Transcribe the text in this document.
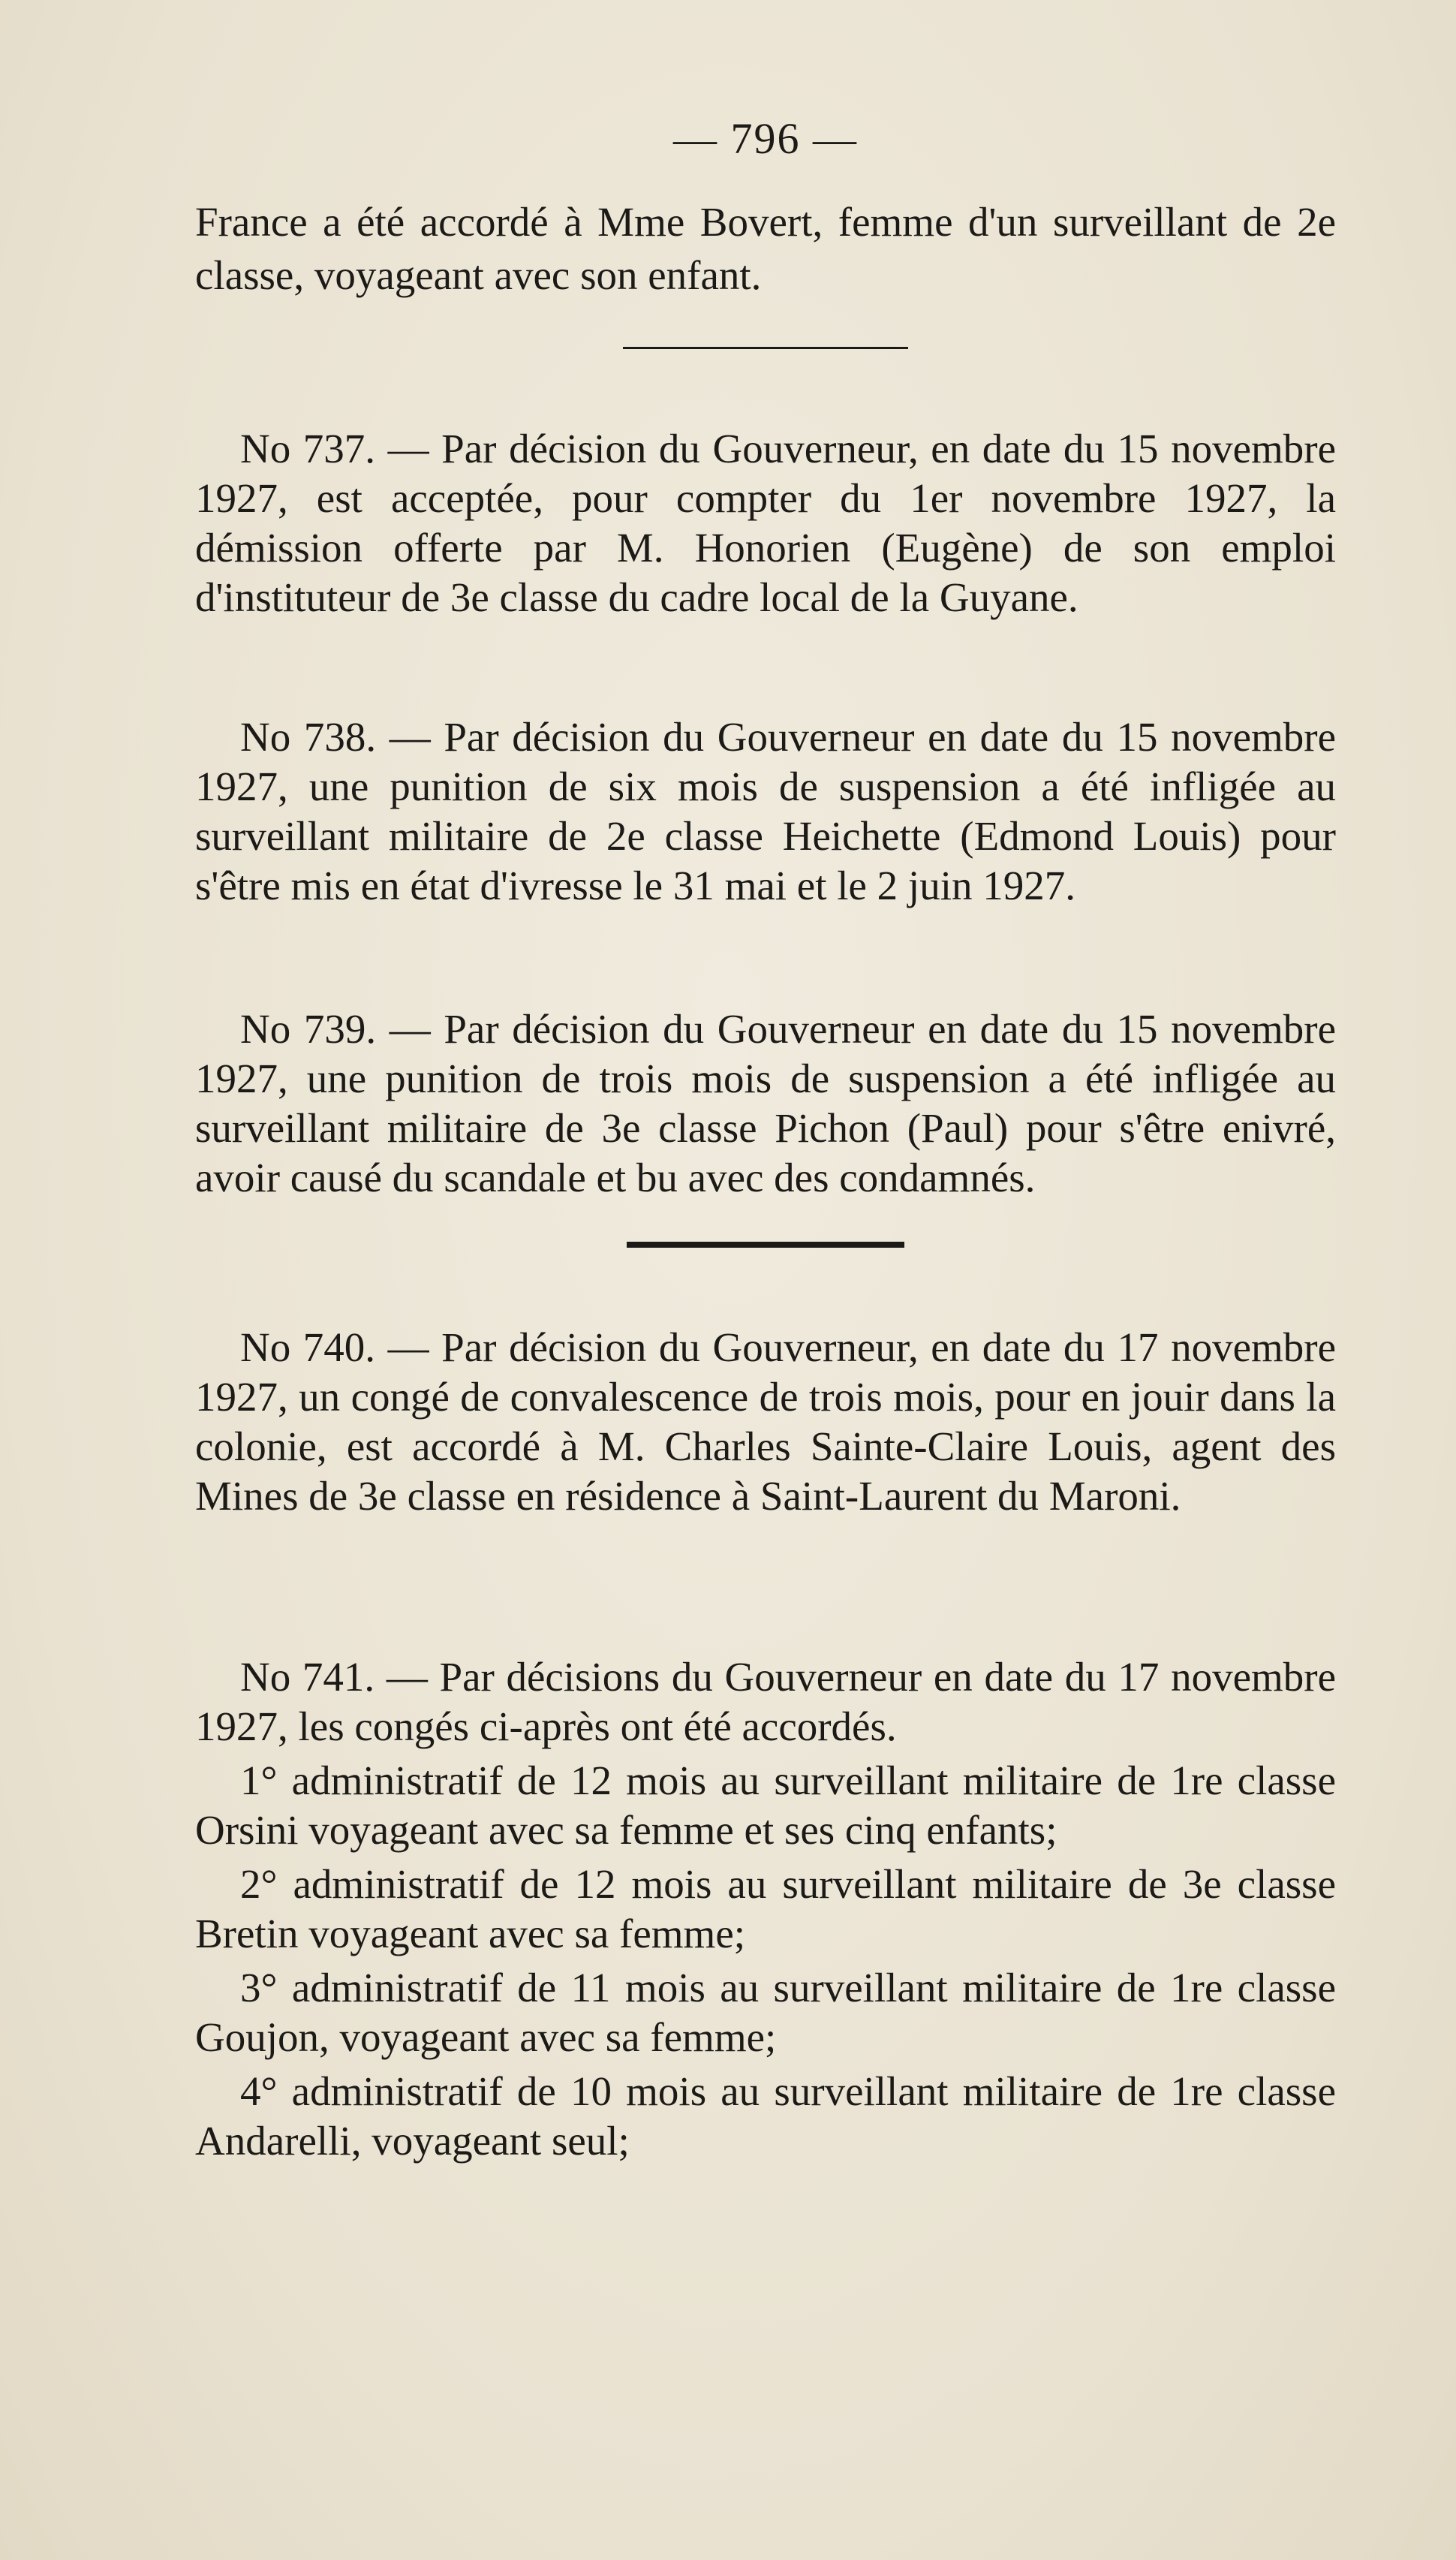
— 796 —

France a été accordé à Mme Bovert, femme d'un surveillant de 2e classe, voyageant avec son enfant.

No 737. — Par décision du Gouverneur, en date du 15 novembre 1927, est acceptée, pour compter du 1er novembre 1927, la démission offerte par M. Honorien (Eugène) de son emploi d'instituteur de 3e classe du cadre local de la Guyane.

No 738. — Par décision du Gouverneur en date du 15 novembre 1927, une punition de six mois de suspension a été infligée au surveillant militaire de 2e classe Heichette (Edmond Louis) pour s'être mis en état d'ivresse le 31 mai et le 2 juin 1927.

No 739. — Par décision du Gouverneur en date du 15 novembre 1927, une punition de trois mois de suspension a été infligée au surveillant militaire de 3e classe Pichon (Paul) pour s'être enivré, avoir causé du scandale et bu avec des condamnés.

No 740. — Par décision du Gouverneur, en date du 17 novembre 1927, un congé de convalescence de trois mois, pour en jouir dans la colonie, est accordé à M. Charles Sainte-Claire Louis, agent des Mines de 3e classe en résidence à Saint-Laurent du Maroni.

No 741. — Par décisions du Gouverneur en date du 17 novembre 1927, les congés ci-après ont été accordés.

1° administratif de 12 mois au surveillant militaire de 1re classe Orsini voyageant avec sa femme et ses cinq enfants;

2° administratif de 12 mois au surveillant militaire de 3e classe Bretin voyageant avec sa femme;

3° administratif de 11 mois au surveillant militaire de 1re classe Goujon, voyageant avec sa femme;

4° administratif de 10 mois au surveillant militaire de 1re classe Andarelli, voyageant seul;
